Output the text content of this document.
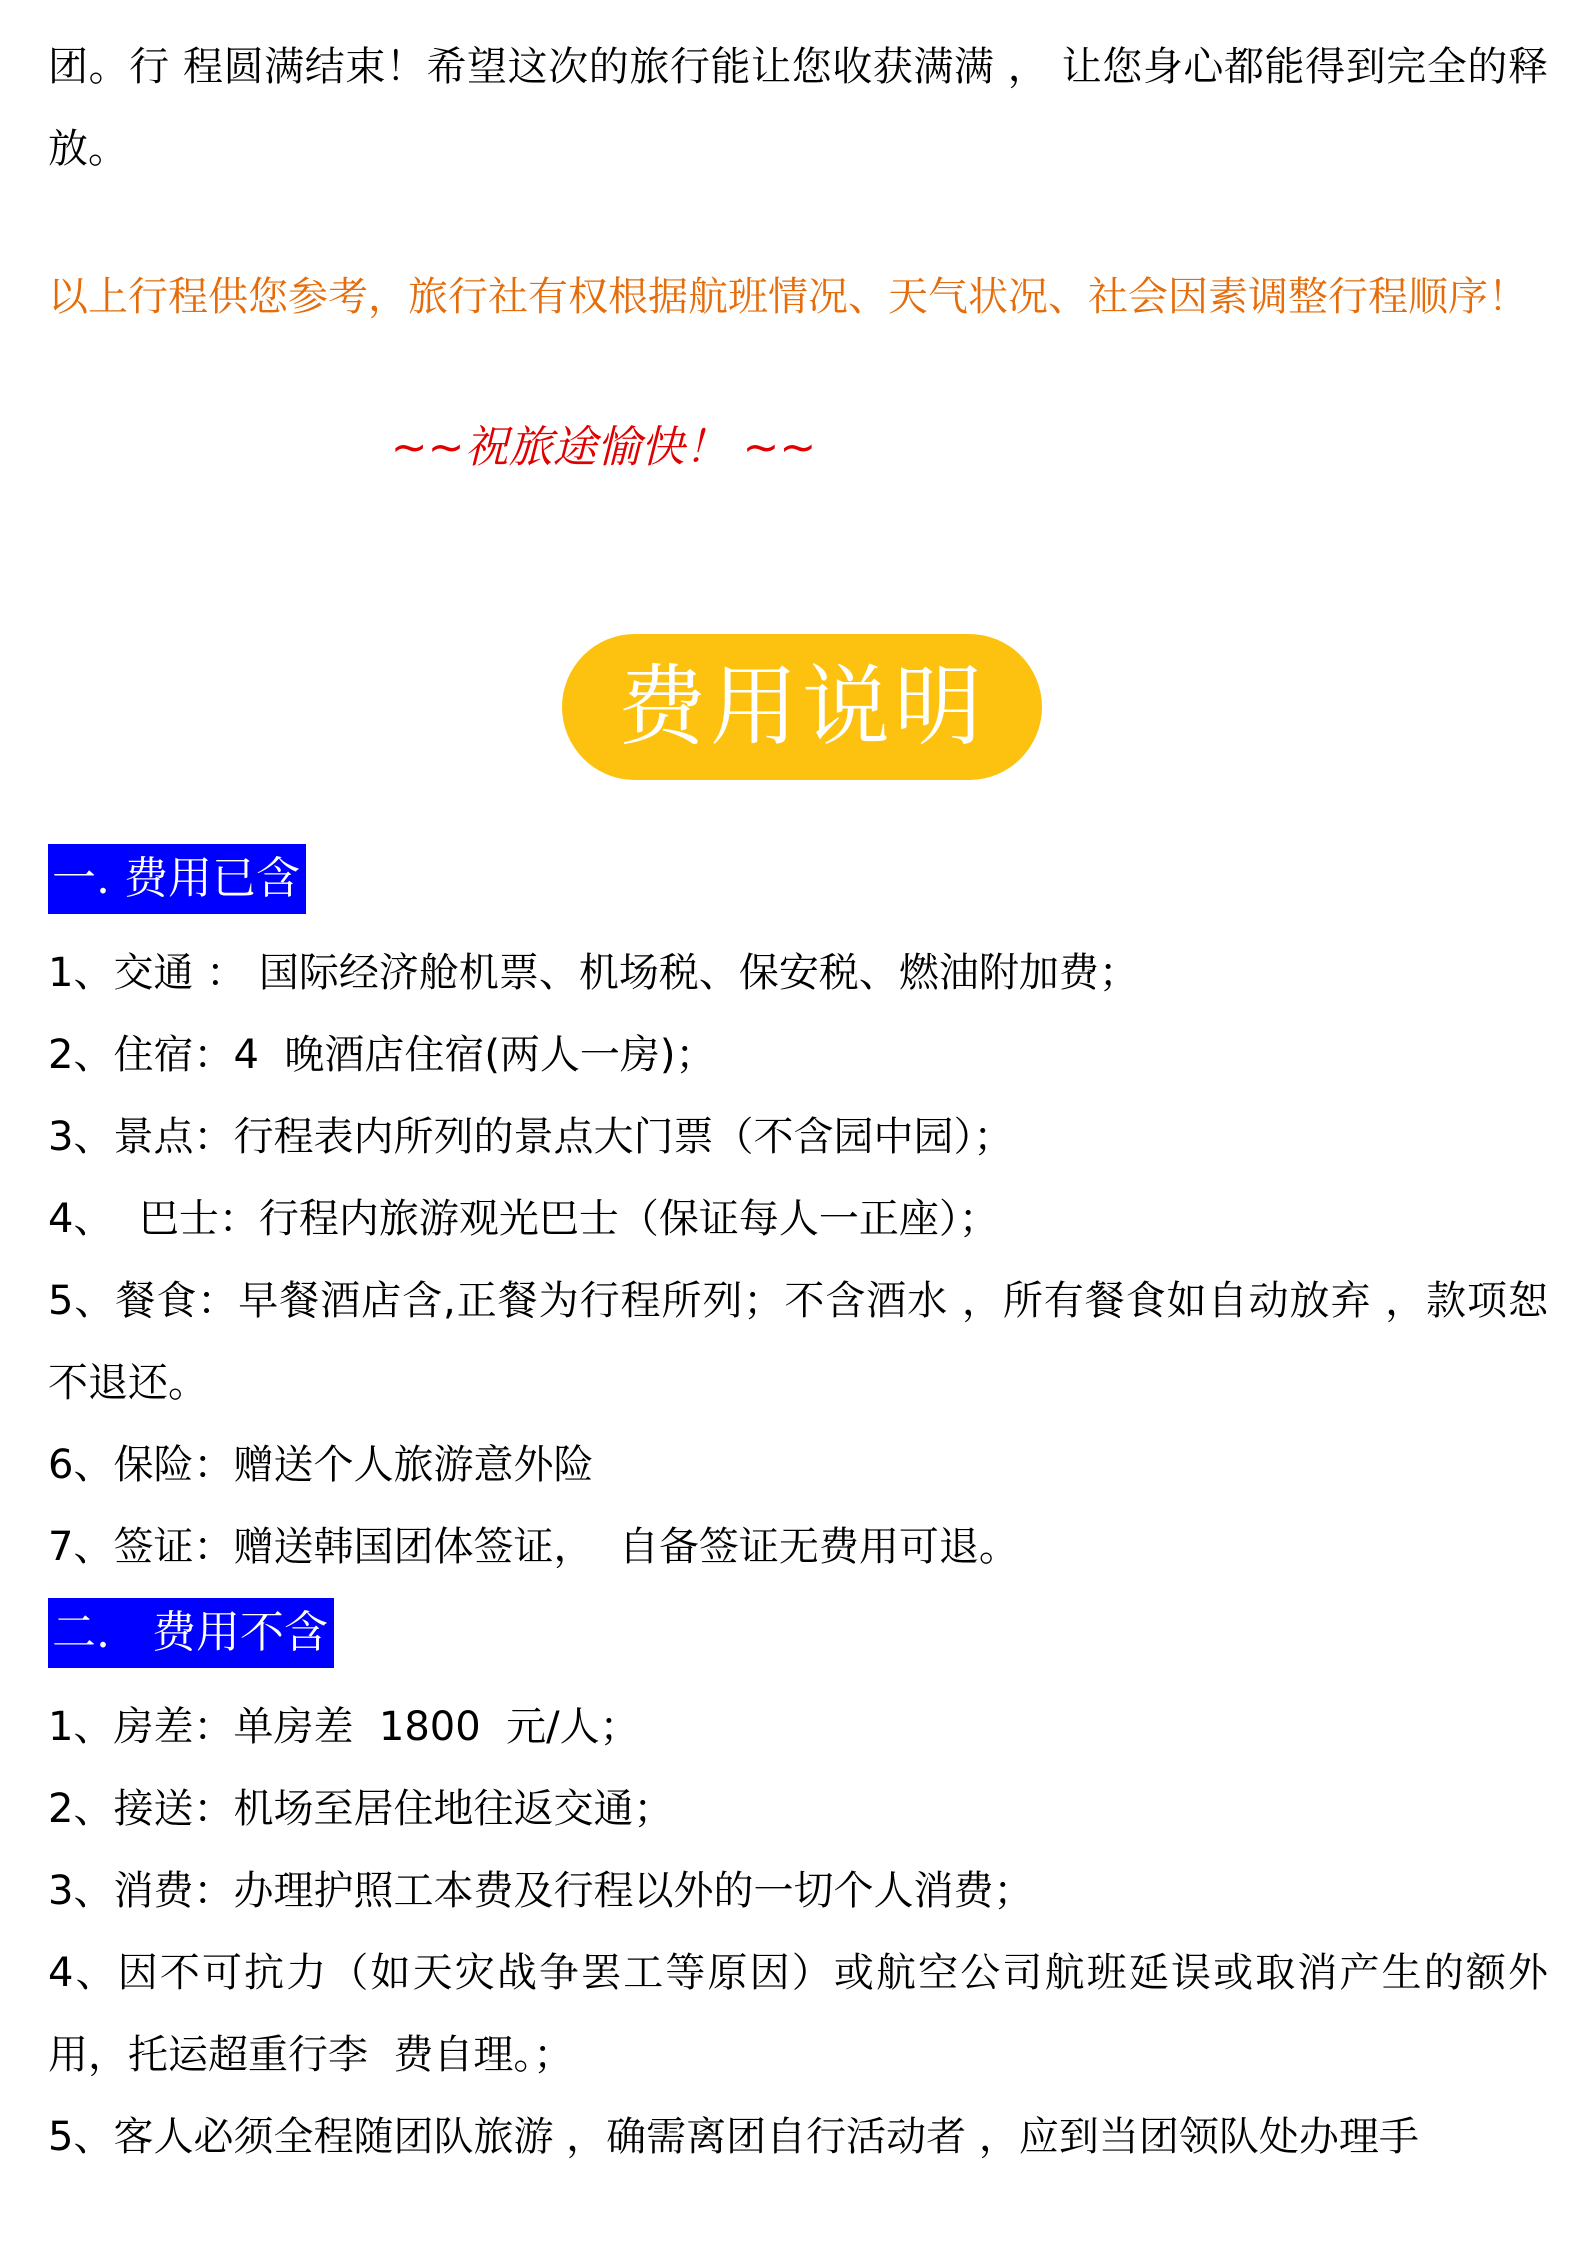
团。行 程圆满结束！希望这次的旅行能让您收获满满 ， 让您身心都能得到完全的释放。

以上行程供您参考，旅行社有权根据航班情况、天气状况、社会因素调整行程顺序！

~~祝旅途愉快！ ~~
费用说明
一. 费用已含
1、交通 ： 国际经济舱机票、机场税、保安税、燃油附加费；
2、住宿：4  晚酒店住宿(两人一房)；
3、景点：行程表内所列的景点大门票（不含园中园）；
4、  巴士：行程内旅游观光巴士（保证每人一正座）；
5、餐食：早餐酒店含,正餐为行程所列；不含酒水 ，所有餐食如自动放弃 ，款项恕不退还。
6、保险：赠送个人旅游意外险
7、签证：赠送韩国团体签证，  自备签证无费用可退。
二.   费用不含
1、房差：单房差  1800  元/人；
2、接送：机场至居住地往返交通；
3、消费：办理护照工本费及行程以外的一切个人消费；
4、因不可抗力（如天灾战争罢工等原因）或航空公司航班延误或取消产生的额外用，托运超重行李  费自理。；
5、客人必须全程随团队旅游 ，确需离团自行活动者 ，应到当团领队处办理手
